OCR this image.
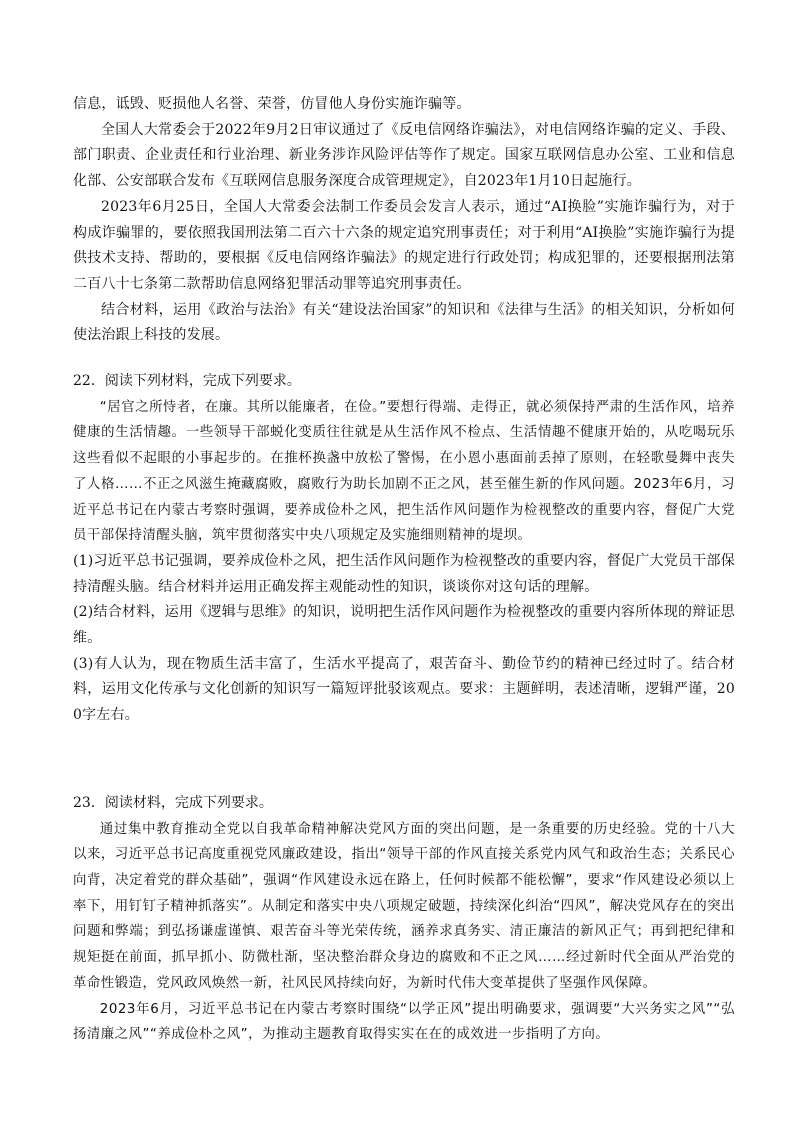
信息，诋毁、贬损他人名誉、荣誉，仿冒他人身份实施诈骗等。

全国人大常委会于2022年9月2日审议通过了《反电信网络诈骗法》，对电信网络诈骗的定义、手段、部门职责、企业责任和行业治理、新业务涉诈风险评估等作了规定。国家互联网信息办公室、工业和信息化部、公安部联合发布《互联网信息服务深度合成管理规定》，自2023年1月10日起施行。

2023年6月25日，全国人大常委会法制工作委员会发言人表示，通过“AI换脸”实施诈骗行为，对于构成诈骗罪的，要依照我国刑法第二百六十六条的规定追究刑事责任；对于利用“AI换脸”实施诈骗行为提供技术支持、帮助的，要根据《反电信网络诈骗法》的规定进行行政处罚；构成犯罪的，还要根据刑法第二百八十七条第二款帮助信息网络犯罪活动罪等追究刑事责任。

结合材料，运用《政治与法治》有关“建设法治国家”的知识和《法律与生活》的相关知识，分析如何使法治跟上科技的发展。

22．阅读下列材料，完成下列要求。

“居官之所恃者，在廉。其所以能廉者，在俭。”要想行得端、走得正，就必须保持严肃的生活作风，培养健康的生活情趣。一些领导干部蜕化变质往往就是从生活作风不检点、生活情趣不健康开始的，从吃喝玩乐这些看似不起眼的小事起步的。在推杯换盏中放松了警惕，在小恩小惠面前丢掉了原则，在轻歌曼舞中丧失了人格……不正之风滋生掩藏腐败，腐败行为助长加剧不正之风，甚至催生新的作风问题。2023年6月，习近平总书记在内蒙古考察时强调，要养成俭朴之风，把生活作风问题作为检视整改的重要内容，督促广大党员干部保持清醒头脑，筑牢贯彻落实中央八项规定及实施细则精神的堤坝。

(1)习近平总书记强调，要养成俭朴之风，把生活作风问题作为检视整改的重要内容，督促广大党员干部保持清醒头脑。结合材料并运用正确发挥主观能动性的知识，谈谈你对这句话的理解。

(2)结合材料，运用《逻辑与思维》的知识，说明把生活作风问题作为检视整改的重要内容所体现的辩证思维。

(3)有人认为，现在物质生活丰富了，生活水平提高了，艰苦奋斗、勤俭节约的精神已经过时了。结合材料，运用文化传承与文化创新的知识写一篇短评批驳该观点。要求：主题鲜明，表述清晰，逻辑严谨，200字左右。

23．阅读材料，完成下列要求。

通过集中教育推动全党以自我革命精神解决党风方面的突出问题，是一条重要的历史经验。党的十八大以来，习近平总书记高度重视党风廉政建设，指出“领导干部的作风直接关系党内风气和政治生态；关系民心向背，决定着党的群众基础”，强调“作风建设永远在路上，任何时候都不能松懈”，要求“作风建设必须以上率下，用钉钉子精神抓落实”。从制定和落实中央八项规定破题，持续深化纠治“四风”，解决党风存在的突出问题和弊端；到弘扬谦虚谨慎、艰苦奋斗等光荣传统，涵养求真务实、清正廉洁的新风正气；再到把纪律和规矩挺在前面，抓早抓小、防微杜渐，坚决整治群众身边的腐败和不正之风……经过新时代全面从严治党的革命性锻造，党风政风焕然一新，社风民风持续向好，为新时代伟大变革提供了坚强作风保障。

2023年6月，习近平总书记在内蒙古考察时围绕“以学正风”提出明确要求，强调要“大兴务实之风”“弘扬清廉之风”“养成俭朴之风”，为推动主题教育取得实实在在的成效进一步指明了方向。
